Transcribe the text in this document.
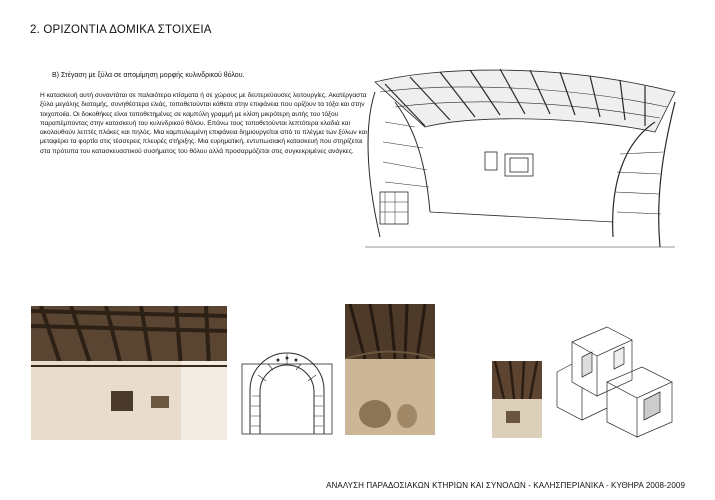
2. ΟΡΙΖΟΝΤΙΑ ΔΟΜΙΚΑ ΣΤΟΙΧΕΙΑ
Β) Στέγαση με ξύλα σε απομίμηση μορφής κυλινδρικού θόλου.

Η κατασκευή αυτή συναντάται σε παλαιότερα κτίσματα ή σε χώρους με δευτερεύουσες λειτουργίες. Ακατέργαστα ξύλα μεγάλης διατομής, συνηθέστερα ελιάς, τοποθετούνται κάθετα στην επιφάνεια που ορίζουν τα τόξα και στην τοιχοποιία. Οι δοκοθήκες είναι τοποθετημένες σε καμπύλη γραμμή με κλίση μικρότερη αυτής του τόξου παραπέμποντας στην κατασκευή του κυλινδρικού θόλου. Επάνω τους τοποθετούνται λεπτότερα κλαδιά και ακολουθούν λεπτές πλάκες και πηλός. Μια καμπυλωμένη επιφάνεια δημιουργείται από το πλέγμα των ξύλων και μεταφέρει τα φορτία στις τέσσερεις πλευρές στήριξης. Μια ευρηματική, εντυπωσιακή κατασκευή που στηρίζεται στα πρότυπα του κατασκευαστικού συσήματος του θόλου αλλά προσαρμόζεται στις συγκεκριμένες ανάγκες.

ΑΝΑΛΥΣΗ ΠΑΡΑΔΟΣΙΑΚΩΝ ΚΤΗΡΙΩΝ ΚΑΙ ΣΥΝΟΛΩΝ - ΚΑΛΗΣΠΕΡΙΑΝΙΚΑ - ΚΥΘΗΡΑ 2008-2009
